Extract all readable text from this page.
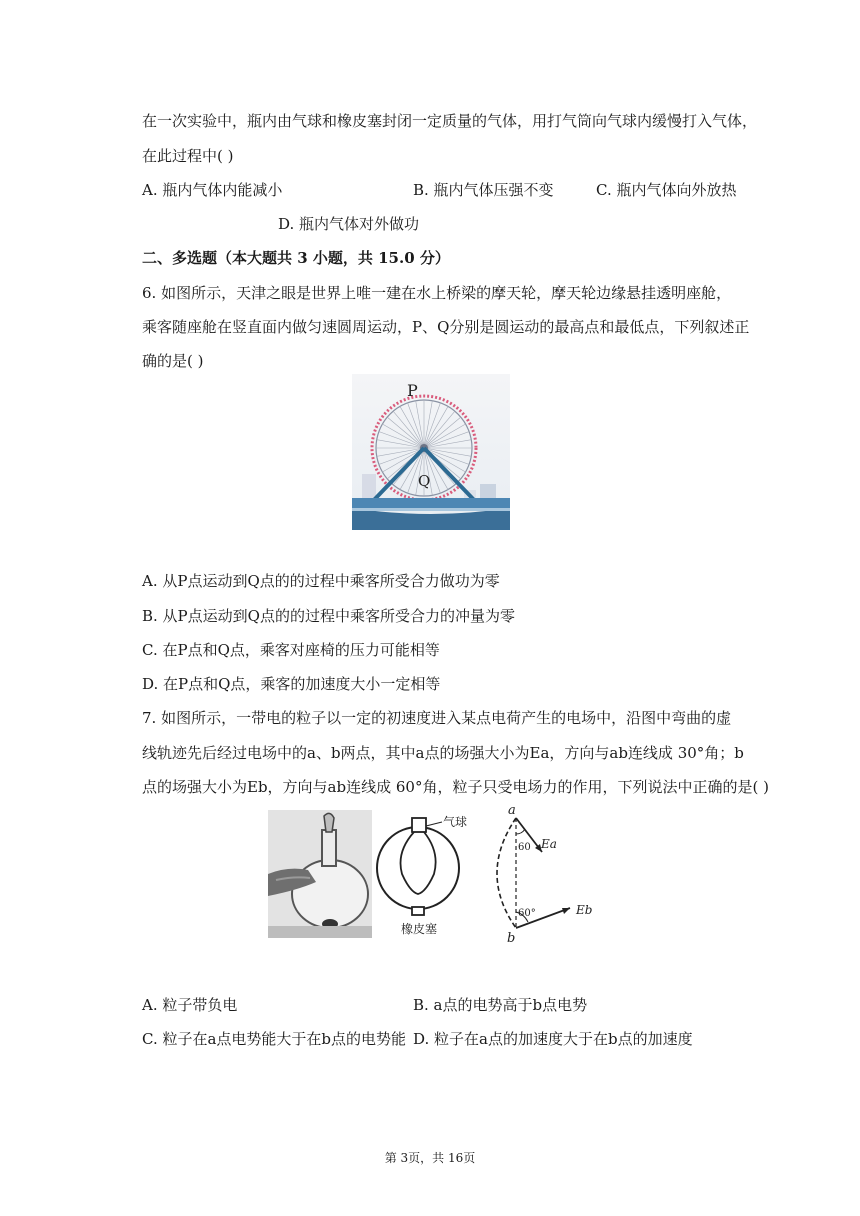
在一次实验中，瓶内由气球和橡皮塞封闭一定质量的气体，用打气筒向气球内缓慢打入气体，
在此过程中( )
A. 瓶内气体内能减小	B. 瓶内气体压强不变	C. 瓶内气体向外放热
D. 瓶内气体对外做功
二、多选题（本大题共 3 小题，共 15.0 分）
6. 如图所示，天津之眼是世界上唯一建在水上桥梁的摩天轮，摩天轮边缘悬挂透明座舱，
乘客随座舱在竖直面内做匀速圆周运动，P、Q分别是圆运动的最高点和最低点，下列叙述正
确的是( )
P
Q
A. 从P点运动到Q点的的过程中乘客所受合力做功为零
B. 从P点运动到Q点的的过程中乘客所受合力的冲量为零
C. 在P点和Q点，乘客对座椅的压力可能相等
D. 在P点和Q点，乘客的加速度大小一定相等
7. 如图所示，一带电的粒子以一定的初速度进入某点电荷产生的电场中，沿图中弯曲的虚
线轨迹先后经过电场中的a、b两点，其中a点的场强大小为Ea，方向与ab连线成 30°角；b
点的场强大小为Eb，方向与ab连线成 60°角，粒子只受电场力的作用，下列说法中正确的是( )
气球
橡皮塞
a
b
60
60°
Ea
Eb
A. 粒子带负电	B. a点的电势高于b点电势
C. 粒子在a点电势能大于在b点的电势能 D. 粒子在a点的加速度大于在b点的加速度
第 3页，共 16页
